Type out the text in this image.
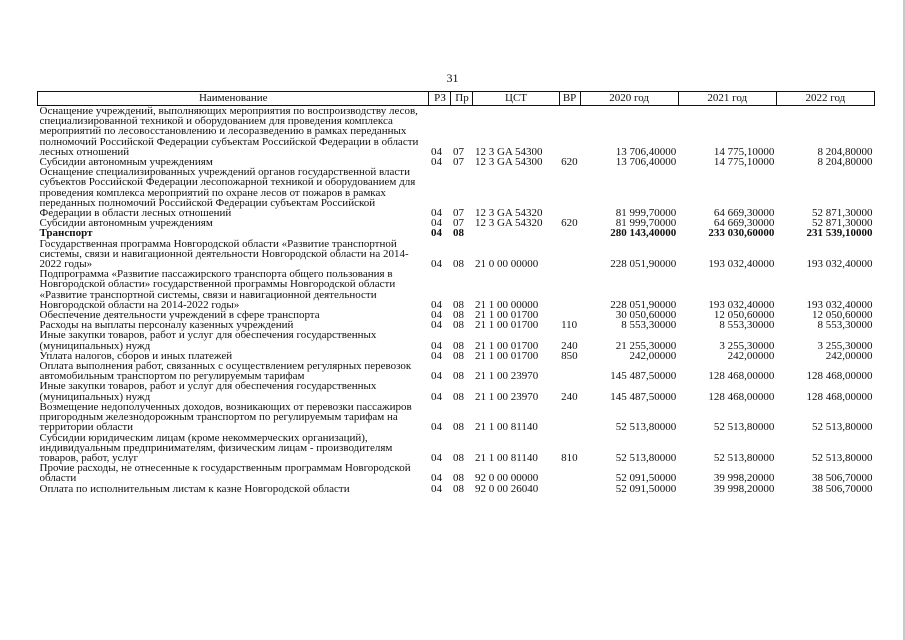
31
Наименование	РЗ	Пр	ЦСТ	ВР	2020 год	2021 год	2022 год
Оснащение учреждений, выполняющих мероприятия по воспроизводству лесов, специализированной техникой и оборудованием для проведения комплекса мероприятий по лесовосстановлению и лесоразведению в рамках переданных полномочий Российской Федерации субъектам Российской Федерации в области лесных отношений	04	07	12 3 GA 54300		13 706,40000	14 775,10000	8 204,80000
Субсидии автономным учреждениям	04	07	12 3 GA 54300	620	13 706,40000	14 775,10000	8 204,80000
Оснащение специализированных учреждений органов государственной власти субъектов Российской Федерации лесопожарной техникой и оборудованием для проведения комплекса мероприятий по охране лесов от пожаров в рамках переданных полномочий Российской Федерации субъектам Российской Федерации в области лесных отношений	04	07	12 3 GA 54320		81 999,70000	64 669,30000	52 871,30000
Субсидии автономным учреждениям	04	07	12 3 GA 54320	620	81 999,70000	64 669,30000	52 871,30000
Транспорт	04	08			280 143,40000	233 030,60000	231 539,10000
Государственная программа Новгородской области «Развитие транспортной системы, связи и навигационной деятельности Новгородской области на 2014-2022 годы»	04	08	21 0 00 00000		228 051,90000	193 032,40000	193 032,40000
Подпрограмма «Развитие пассажирского транспорта общего пользования в Новгородской области» государственной программы Новгородской области «Развитие транспортной системы, связи и навигационной деятельности Новгородской области на 2014-2022 годы»	04	08	21 1 00 00000		228 051,90000	193 032,40000	193 032,40000
Обеспечение деятельности учреждений в сфере транспорта	04	08	21 1 00 01700		30 050,60000	12 050,60000	12 050,60000
Расходы на выплаты персоналу казенных учреждений	04	08	21 1 00 01700	110	8 553,30000	8 553,30000	8 553,30000
Иные закупки товаров, работ и услуг для обеспечения государственных (муниципальных) нужд	04	08	21 1 00 01700	240	21 255,30000	3 255,30000	3 255,30000
Уплата налогов, сборов и иных платежей	04	08	21 1 00 01700	850	242,00000	242,00000	242,00000
Оплата выполнения работ, связанных с осуществлением регулярных перевозок автомобильным транспортом по регулируемым тарифам	04	08	21 1 00 23970		145 487,50000	128 468,00000	128 468,00000
Иные закупки товаров, работ и услуг для обеспечения государственных (муниципальных) нужд	04	08	21 1 00 23970	240	145 487,50000	128 468,00000	128 468,00000
Возмещение недополученных доходов, возникающих от перевозки пассажиров пригородным железнодорожным транспортом по регулируемым тарифам на территории области	04	08	21 1 00 81140		52 513,80000	52 513,80000	52 513,80000
Субсидии юридическим лицам (кроме некоммерческих организаций), индивидуальным предпринимателям, физическим лицам - производителям товаров, работ, услуг	04	08	21 1 00 81140	810	52 513,80000	52 513,80000	52 513,80000
Прочие расходы, не отнесенные к государственным программам Новгородской области	04	08	92 0 00 00000		52 091,50000	39 998,20000	38 506,70000
Оплата по исполнительным листам к казне Новгородской области	04	08	92 0 00 26040		52 091,50000	39 998,20000	38 506,70000
